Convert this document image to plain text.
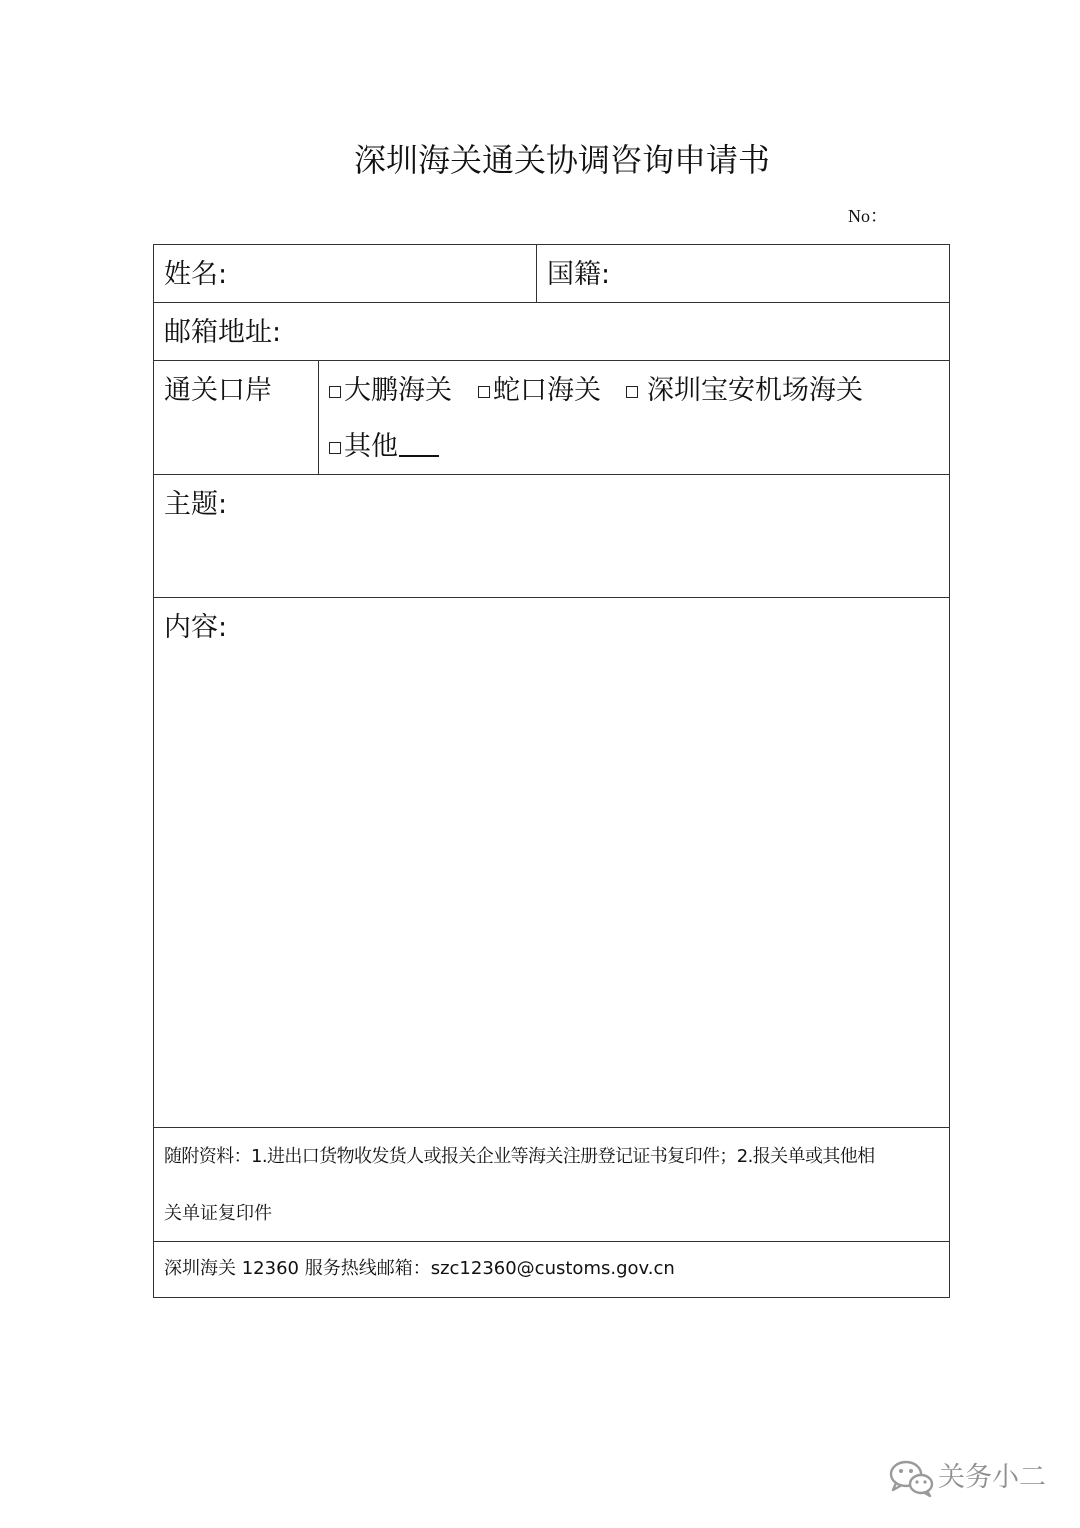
深圳海关通关协调咨询申请书
No：
姓名:	国籍:
邮箱地址:
通关口岸	大鹏海关	蛇口海关	深圳宝安机场海关
其他
主题:
内容:
随附资料：1.进出口货物收发货人或报关企业等海关注册登记证书复印件；2.报关单或其他相
关单证复印件
深圳海关 12360 服务热线邮箱：szc12360@customs.gov.cn
关务小二
